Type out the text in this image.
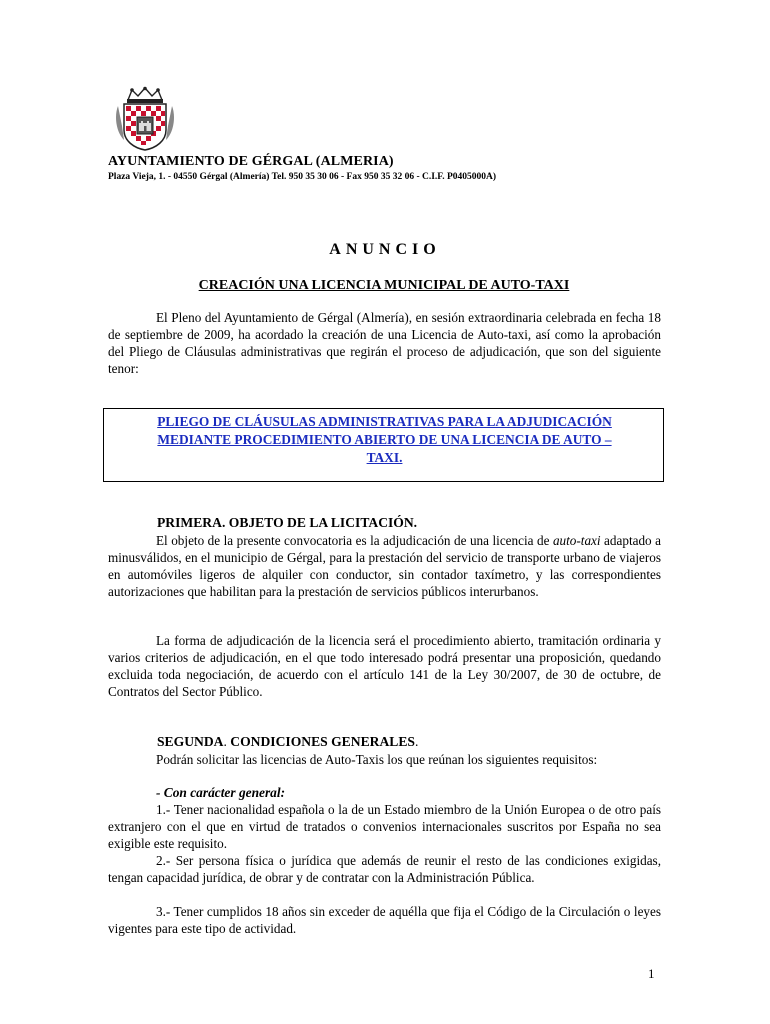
AYUNTAMIENTO DE GÉRGAL (ALMERIA)
Plaza Vieja, 1. - 04550 Gérgal (Almería) Tel. 950 35 30 06 - Fax 950 35 32 06 - C.I.F. P0405000A)
ANUNCIO
CREACIÓN UNA LICENCIA MUNICIPAL DE AUTO-TAXI

El Pleno del Ayuntamiento de Gérgal (Almería), en sesión extraordinaria celebrada en fecha 18 de septiembre de 2009, ha acordado la creación de una Licencia de Auto-taxi, así como la aprobación del Pliego de Cláusulas administrativas que regirán el proceso de adjudicación, que son del siguiente tenor:

PLIEGO DE CLÁUSULAS ADMINISTRATIVAS PARA LA ADJUDICACIÓN
MEDIANTE PROCEDIMIENTO ABIERTO DE UNA LICENCIA DE AUTO –
TAXI.
PRIMERA. OBJETO DE LA LICITACIÓN.

El objeto de la presente convocatoria es la adjudicación de una licencia de auto-taxi adaptado a minusválidos, en el municipio de Gérgal, para la prestación del servicio de transporte urbano de viajeros en automóviles ligeros de alquiler con conductor, sin contador taxímetro, y las correspondientes autorizaciones que habilitan para la prestación de servicios públicos interurbanos.

La forma de adjudicación de la licencia será el procedimiento abierto, tramitación ordinaria y varios criterios de adjudicación, en el que todo interesado podrá presentar una proposición, quedando excluida toda negociación, de acuerdo con el artículo 141 de la Ley 30/2007, de 30 de octubre, de Contratos del Sector Público.

SEGUNDA. CONDICIONES GENERALES.

Podrán solicitar las licencias de Auto-Taxis los que reúnan los siguientes requisitos:

- Con carácter general:

1.- Tener nacionalidad española o la de un Estado miembro de la Unión Europea o de otro país extranjero con el que en virtud de tratados o convenios internacionales suscritos por España no sea exigible este requisito.

2.- Ser persona física o jurídica que además de reunir el resto de las condiciones exigidas, tengan capacidad jurídica, de obrar y de contratar con la Administración Pública.

3.- Tener cumplidos 18 años sin exceder de aquélla que fija el Código de la Circulación o leyes vigentes para este tipo de actividad.

1
